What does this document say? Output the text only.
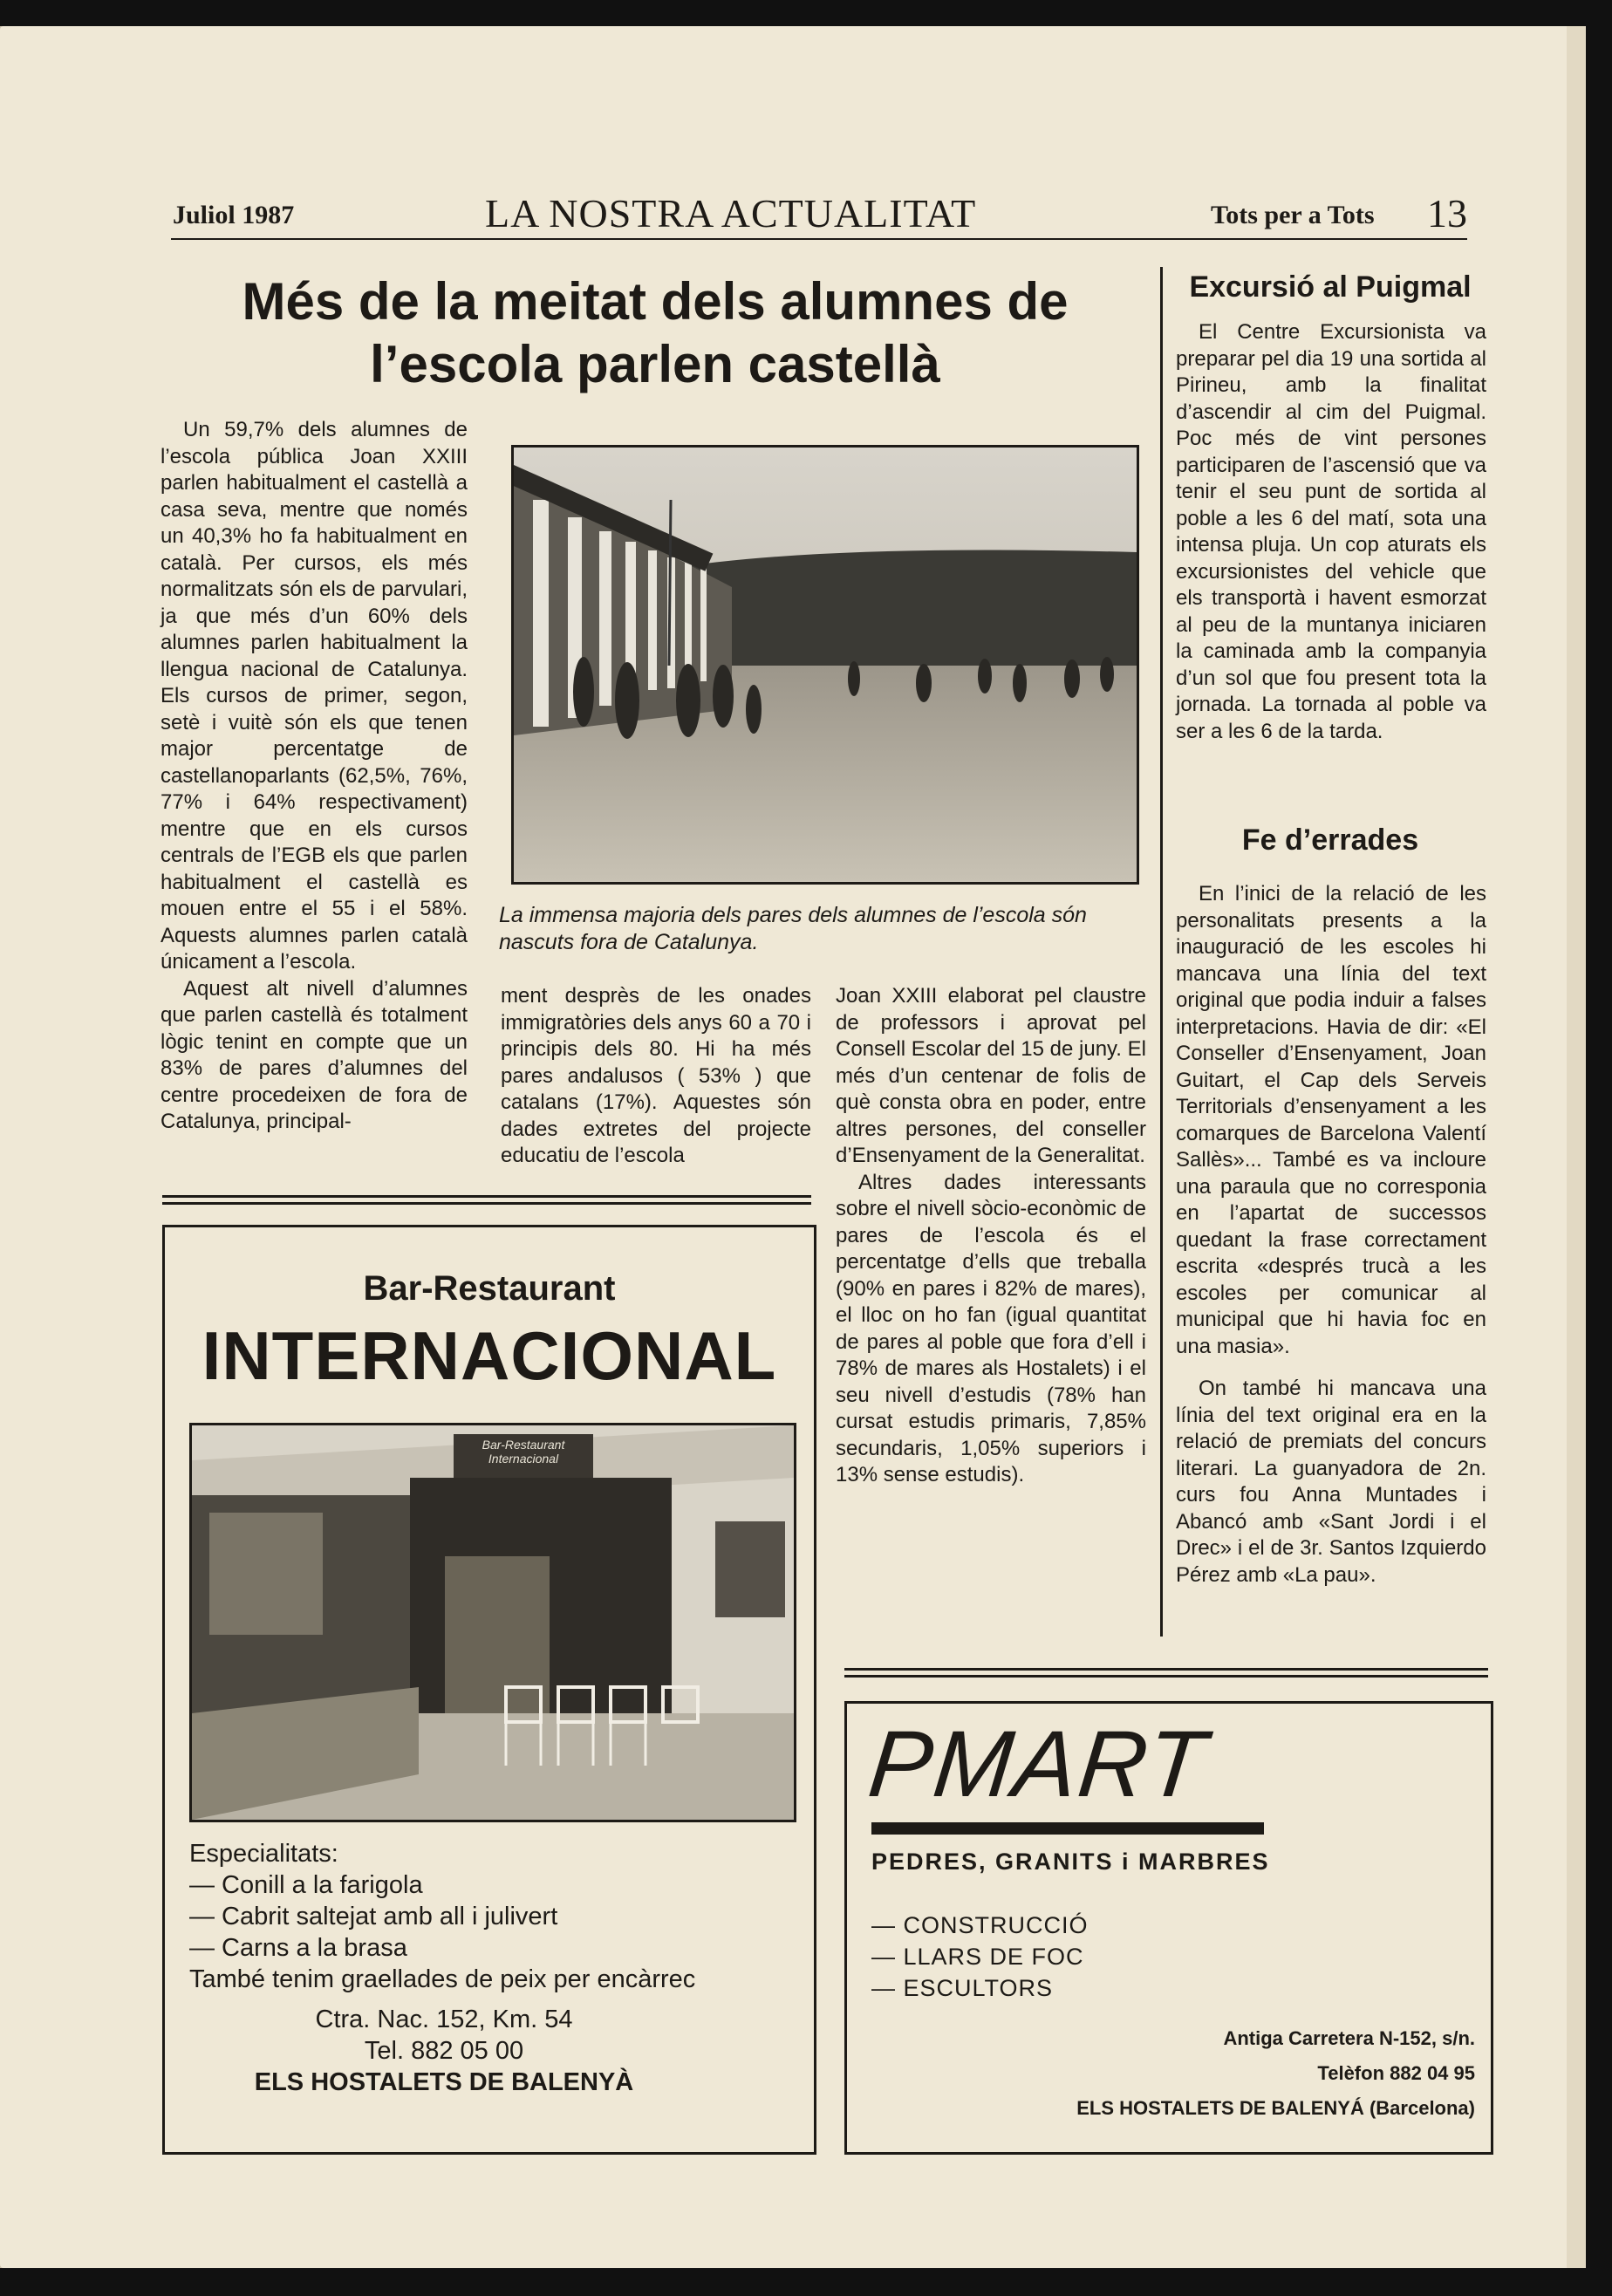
Juliol 1987	LA NOSTRA ACTUALITAT	Tots per a Tots 13
Més de la meitat dels alumnes de
l’escola parlen castellà

Un 59,7% dels alumnes de l’escola pública Joan XXIII parlen habitualment el castellà a casa seva, mentre que només un 40,3% ho fa habitualment en català. Per cursos, els més normalitzats són els de parvulari, ja que més d’un 60% dels alumnes parlen habitualment la llengua nacional de Catalunya. Els cursos de primer, segon, setè i vuitè són els que tenen major percentatge de castellanoparlants (62,5%, 76%, 77% i 64% respectivament) mentre que en els cursos centrals de l’EGB els que parlen habitualment el castellà es mouen entre el 55 i el 58%. Aquests alumnes parlen català únicament a l’escola.

Aquest alt nivell d’alumnes que parlen castellà és totalment lògic tenint en compte que un 83% de pares d’alumnes del centre procedeixen de fora de Catalunya, principal-

La immensa majoria dels pares dels alumnes de l’escola són nascuts fora de Catalunya.

ment desprès de les onades immigratòries dels anys 60 a 70 i principis dels 80. Hi ha més pares andalusos ( 53% ) que catalans (17%). Aquestes són dades extretes del projecte educatiu de l’escola

Joan XXIII elaborat pel claustre de professors i aprovat pel Consell Escolar del 15 de juny. El més d’un centenar de folis de què consta obra en poder, entre altres persones, del conseller d’Ensenyament de la Generalitat.

Altres dades interessants sobre el nivell sòcio-econòmic de pares de l’escola és el percentatge d’ells que treballa (90% en pares i 82% de mares), el lloc on ho fan (igual quantitat de pares al poble que fora d’ell i 78% de mares als Hostalets) i el seu nivell d’estudis (78% han cursat estudis primaris, 7,85% secundaris, 1,05% superiors i 13% sense estudis).

Excursió al Puigmal

El Centre Excursionista va preparar pel dia 19 una sortida al Pirineu, amb la finalitat d’ascendir al cim del Puigmal. Poc més de vint persones participaren de l’ascensió que va tenir el seu punt de sortida al poble a les 6 del matí, sota una intensa pluja. Un cop aturats els excursionistes del vehicle que els transportà i havent esmorzat al peu de la muntanya iniciaren la caminada amb la companyia d’un sol que fou present tota la jornada. La tornada al poble va ser a les 6 de la tarda.

Fe d’errades

En l’inici de la relació de les personalitats presents a la inauguració de les escoles hi mancava una línia del text original que podia induir a falses interpretacions. Havia de dir: «El Conseller d’Ensenyament, Joan Guitart, el Cap dels Serveis Territorials d’ensenyament a les comarques de Barcelona Valentí Sallès»... També es va incloure una paraula que no corresponia en l’apartat de successos quedant la frase correctament escrita «després trucà a les escoles per comunicar al municipal que hi havia foc en una masia».

On també hi mancava una línia del text original era en la relació de premiats del concurs literari. La guanyadora de 2n. curs fou Anna Muntades i Abancó amb «Sant Jordi i el Drec» i el de 3r. Santos Izquierdo Pérez amb «La pau».

Bar-Restaurant
INTERNACIONAL
Bar-Restaurant Internacional
Especialitats:
— Conill a la farigola
— Cabrit saltejat amb all i julivert
— Carns a la brasa
També tenim graellades de peix per encàrrec
Ctra. Nac. 152, Km. 54
Tel. 882 05 00
ELS HOSTALETS DE BALENYÀ
PMART
PEDRES, GRANITS i MARBRES
— CONSTRUCCIÓ
— LLARS DE FOC
— ESCULTORS
Antiga Carretera N-152, s/n.
Telèfon 882 04 95
ELS HOSTALETS DE BALENYÁ (Barcelona)
